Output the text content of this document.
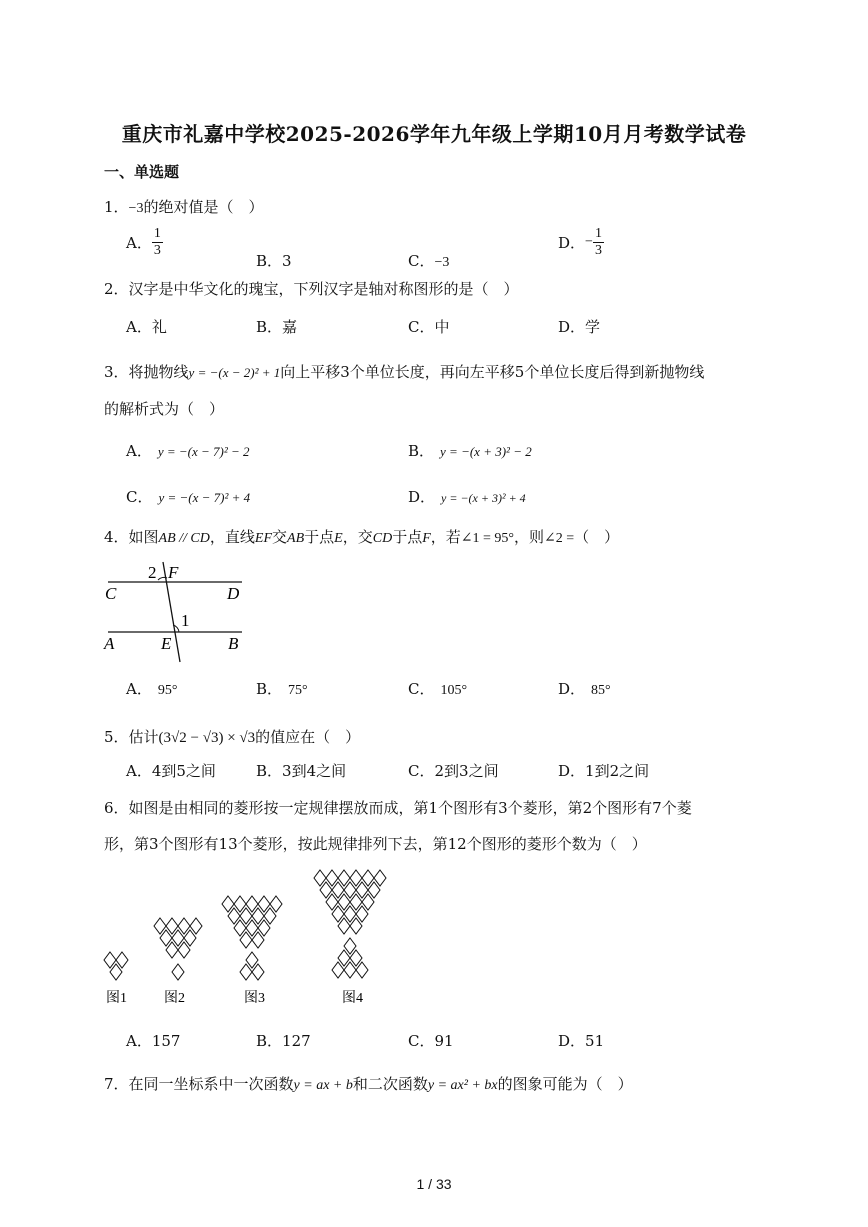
重庆市礼嘉中学校2025-2026学年九年级上学期10月月考数学试卷
一、单选题
1．−3的绝对值是（　）
A． $\frac{1}{3}$
B．3	C．−3
D．− $\frac{1}{3}$
2．汉字是中华文化的瑰宝，下列汉字是轴对称图形的是（　）
A．礼	B．嘉	C．中	D．学
3．将抛物线y = −(x − 2)² + 1向上平移3个单位长度，再向左平移5个单位长度后得到新抛物线
的解析式为（　）
A． y = −(x − 7)² − 2	B． y = −(x + 3)² − 2
C． y = −(x − 7)² + 4	D． y = −(x + 3)² + 4
4．如图AB // CD，直线EF交AB于点E，交CD于点F，若∠1 = 95°，则∠2 =（　）
2 F
C	D
1
A	E	B
A． 95°	B． 75°	C． 105°	D． 85°
5．估计(3√2 − √3) × √3的值应在（　）
A．4到5之间	B．3到4之间	C．2到3之间	D．1到2之间
6．如图是由相同的菱形按一定规律摆放而成，第1个图形有3个菱形，第2个图形有7个菱
形，第3个图形有13个菱形，按此规律排列下去，第12个图形的菱形个数为（　）
图1	图2	图3	图4
A．157	B．127	C．91	D．51
7．在同一坐标系中一次函数y = ax + b和二次函数y = ax² + bx的图象可能为（　）
1 / 33
